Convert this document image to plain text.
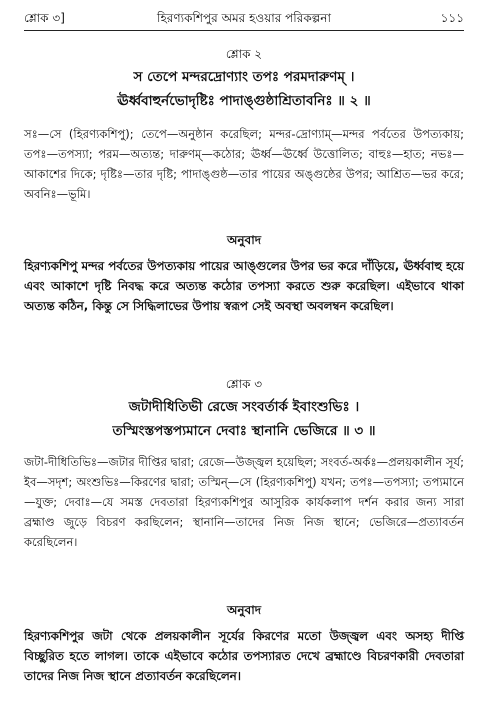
শ্লোক ৩]	হিরণ্যকশিপুর অমর হওয়ার পরিকল্পনা	১১১
শ্লোক ২
স তেপে মন্দরদ্রোণ্যাং তপঃ পরমদারুণম্ ।
ঊর্ধ্ববাহুর্নভোদৃষ্টিঃ পাদাঙ্গুষ্ঠাশ্রিতাবনিঃ ॥ ২ ॥
সঃ—সে (হিরণ্যকশিপু); তেপে—অনুষ্ঠান করেছিল; মন্দর-দ্রোণ্যাম্—মন্দর পর্বতের উপত্যকায়; তপঃ—তপস্যা; পরম—অত্যন্ত; দারুণম্—কঠোর; ঊর্ধ্ব—ঊর্ধ্বে উত্তোলিত; বাহুঃ—হাত; নভঃ—আকাশের দিকে; দৃষ্টিঃ—তার দৃষ্টি; পাদাঙ্গুষ্ঠ—তার পায়ের অঙ্গুষ্ঠের উপর; আশ্রিত—ভর করে; অবনিঃ—ভূমি।
অনুবাদ
হিরণ্যকশিপু মন্দর পর্বতের উপত্যকায় পায়ের আঙ্গুলের উপর ভর করে দাঁড়িয়ে, ঊর্ধ্ববাহু হয়ে এবং আকাশে দৃষ্টি নিবদ্ধ করে অত্যন্ত কঠোর তপস্যা করতে শুরু করেছিল। এইভাবে থাকা অত্যন্ত কঠিন, কিন্তু সে সিদ্ধিলাভের উপায় স্বরূপ সেই অবস্থা অবলম্বন করেছিল।
শ্লোক ৩
জটাদীধিতিভী রেজে সংবর্তার্ক ইবাংশুভিঃ ।
তস্মিংস্তপস্তপ্যমানে দেবাঃ স্থানানি ভেজিরে ॥ ৩ ॥
জটা-দীধিতিভিঃ—জটার দীপ্তির দ্বারা; রেজে—উজ্জ্বল হয়েছিল; সংবর্ত-অর্কঃ—প্রলয়কালীন সূর্য; ইব—সদৃশ; অংশুভিঃ—কিরণের দ্বারা; তস্মিন্—সে (হিরণ্যকশিপু) যখন; তপঃ—তপস্যা; তপ্যমানে—যুক্ত; দেবাঃ—যে সমস্ত দেবতারা হিরণ্যকশিপুর আসুরিক কার্যকলাপ দর্শন করার জন্য সারা ব্রহ্মাণ্ড জুড়ে বিচরণ করছিলেন; স্থানানি—তাদের নিজ নিজ স্থানে; ভেজিরে—প্রত্যাবর্তন করেছিলেন।
অনুবাদ
হিরণ্যকশিপুর জটা থেকে প্রলয়কালীন সূর্যের কিরণের মতো উজ্জ্বল এবং অসহ্য দীপ্তি বিচ্ছুরিত হতে লাগল। তাকে এইভাবে কঠোর তপস্যারত দেখে ব্রহ্মাণ্ডে বিচরণকারী দেবতারা তাদের নিজ নিজ স্থানে প্রত্যাবর্তন করেছিলেন।
